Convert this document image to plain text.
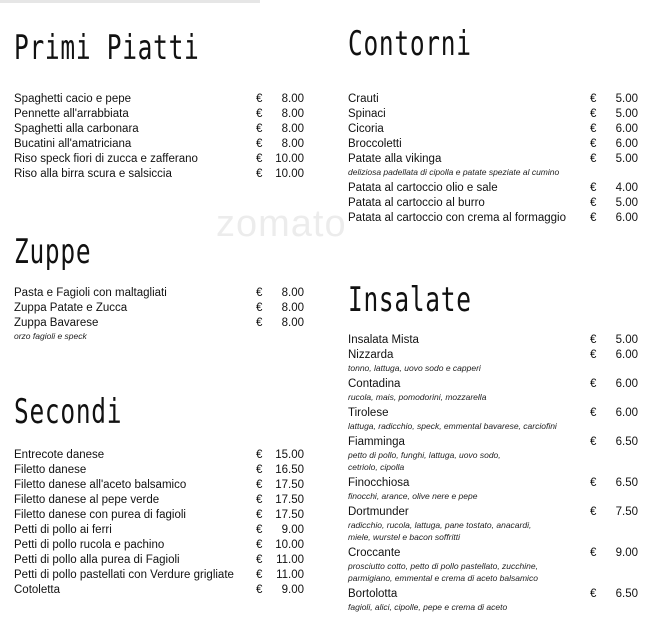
zomato
Primi Piatti
Spaghetti cacio e pepe	€ 8.00
Pennette all'arrabbiata	€ 8.00
Spaghetti alla carbonara	€ 8.00
Bucatini all'amatriciana	€ 8.00
Riso speck fiori di zucca e zafferano	€ 10.00
Riso alla birra scura e salsiccia	€ 10.00
Zuppe
Pasta e Fagioli con maltagliati	€ 8.00
Zuppa Patate e Zucca	€ 8.00
Zuppa Bavarese	€ 8.00
orzo fagioli e speck
Secondi
Entrecote danese	€ 15.00
Filetto danese	€ 16.50
Filetto danese all'aceto balsamico	€ 17.50
Filetto danese al pepe verde	€ 17.50
Filetto danese con purea di fagioli	€ 17.50
Petti di pollo ai ferri	€ 9.00
Petti di pollo rucola e pachino	€ 10.00
Petti di pollo alla purea di Fagioli	€ 11.00
Petti di pollo pastellati con Verdure grigliate	€ 11.00
Cotoletta	€ 9.00
Contorni
Crauti	€ 5.00
Spinaci	€ 5.00
Cicoria	€ 6.00
Broccoletti	€ 6.00
Patate alla vikinga	€ 5.00
deliziosa padellata di cipolla e patate speziate al cumino
Patata al cartoccio olio e sale	€ 4.00
Patata al cartoccio al burro	€ 5.00
Patata al cartoccio con crema al formaggio	€ 6.00
Insalate
Insalata Mista	€ 5.00
Nizzarda	€ 6.00
tonno, lattuga, uovo sodo e capperi
Contadina	€ 6.00
rucola, mais, pomodorini, mozzarella
Tirolese	€ 6.00
lattuga, radicchio, speck, emmental bavarese, carciofini
Fiamminga	€ 6.50
petto di pollo, funghi, lattuga, uovo sodo,
cetriolo, cipolla
Finocchiosa	€ 6.50
finocchi, arance, olive nere e pepe
Dortmunder	€ 7.50
radicchio, rucola, lattuga, pane tostato, anacardi,
miele, wurstel e bacon soffritti
Croccante	€ 9.00
prosciutto cotto, petto di pollo pastellato, zucchine,
parmigiano, emmental e crema di aceto balsamico
Bortolotta	€ 6.50
fagioli, alici, cipolle, pepe e crema di aceto
